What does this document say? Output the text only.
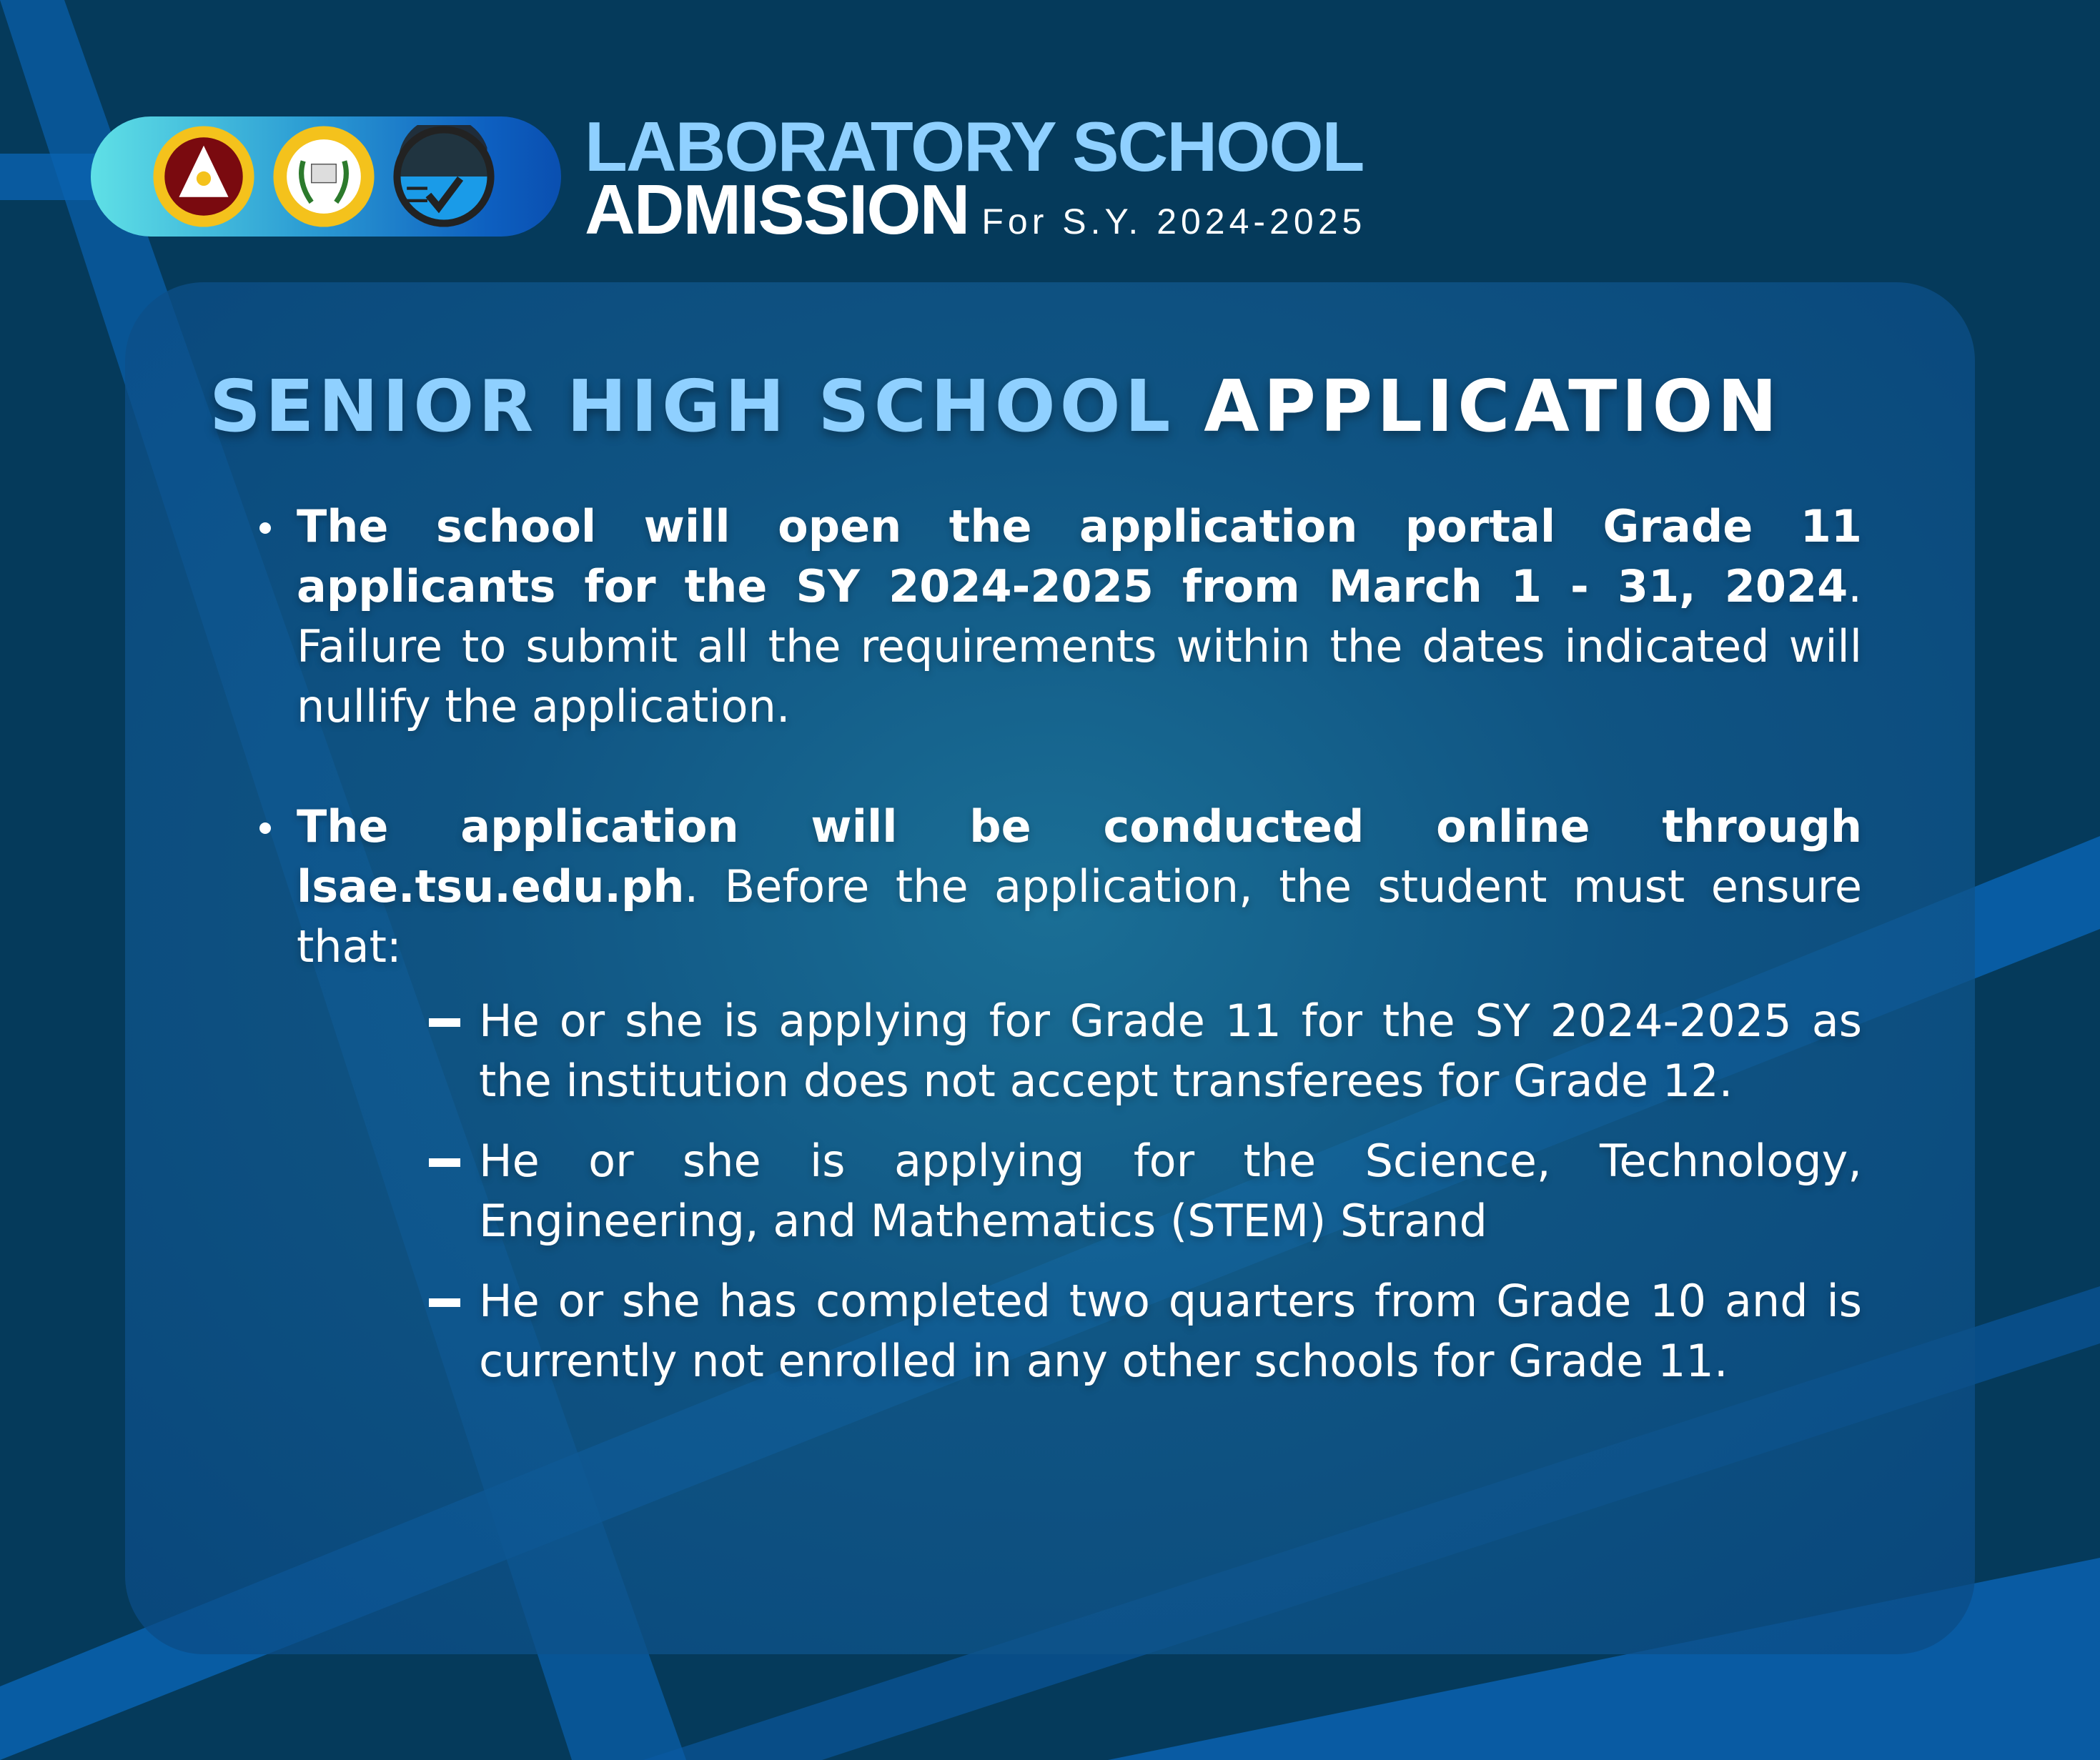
LABORATORY SCHOOL
ADMISSION For S.Y. 2024-2025
SENIOR HIGH SCHOOL APPLICATION
The school will open the application portal Grade 11 applicants for the SY 2024-2025 from March 1 - 31, 2024. Failure to submit all the requirements within the dates indicated will nullify the application.
The application will be conducted online through lsae.tsu.edu.ph. Before the application, the student must ensure that:
He or she is applying for Grade 11 for the SY 2024-2025 as the institution does not accept transferees for Grade 12.
He or she is applying for the Science, Technology, Engineering, and Mathematics (STEM) Strand
He or she has completed two quarters from Grade 10 and is currently not enrolled in any other schools for Grade 11.
